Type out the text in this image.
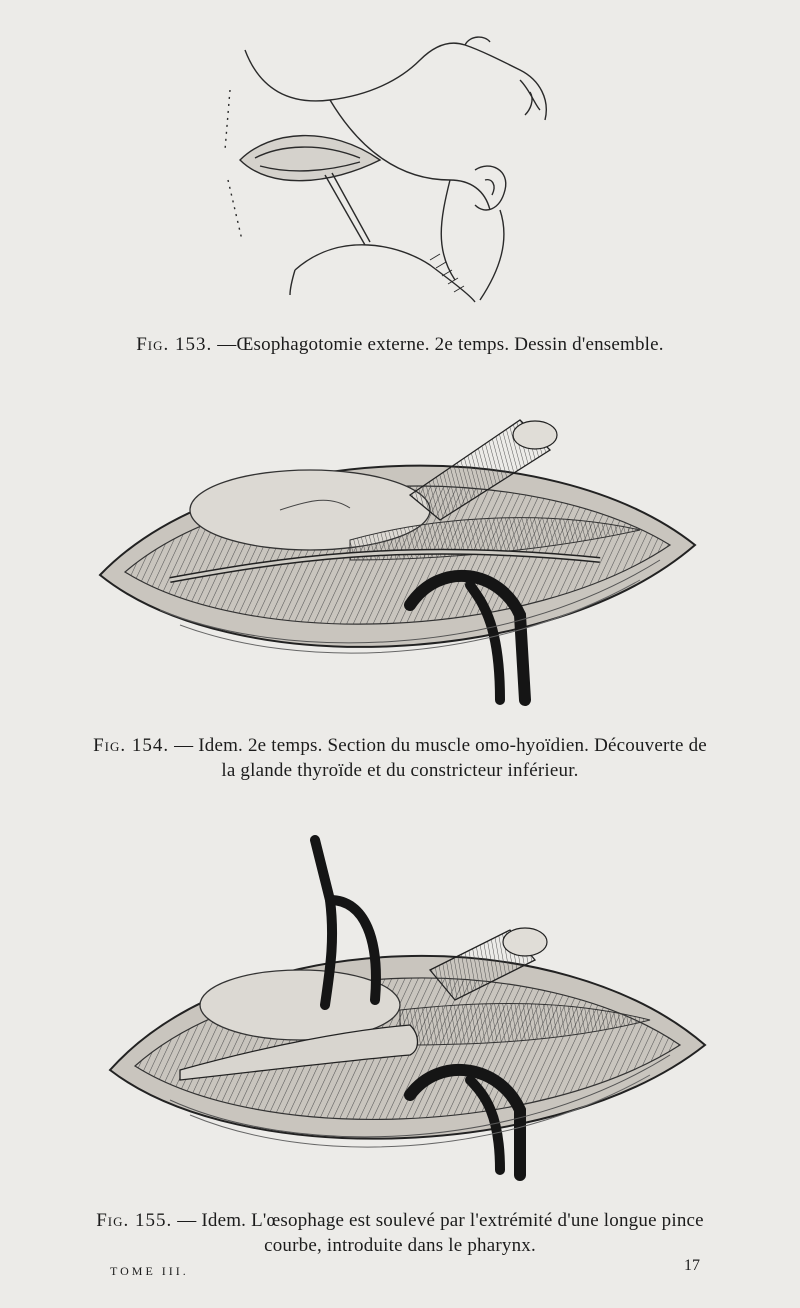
Fig. 153. —Œsophagotomie externe. 2e temps. Dessin d'ensemble.
Fig. 154. — Idem. 2e temps. Section du muscle omo-hyoïdien. Découverte de
la glande thyroïde et du constricteur inférieur.
Fig. 155. — Idem. L'œsophage est soulevé par l'extrémité d'une longue pince
courbe, introduite dans le pharynx.
TOME III.	17
